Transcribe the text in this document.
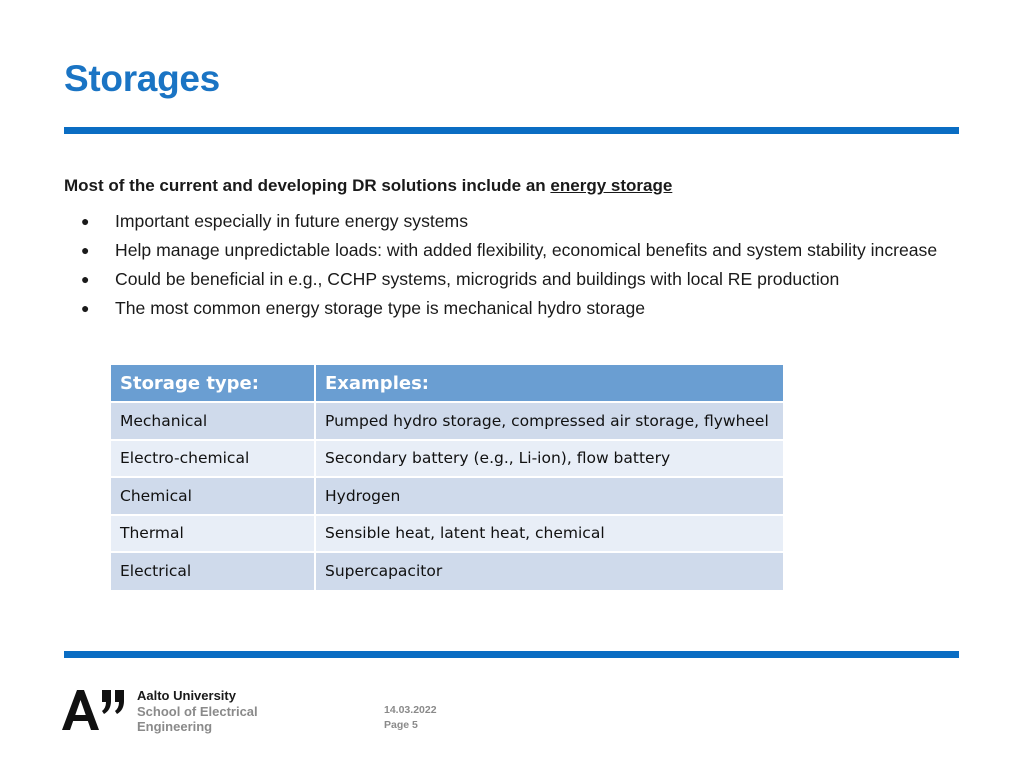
Storages

Most of the current and developing DR solutions include an energy storage

● Important especially in future energy systems
● Help manage unpredictable loads: with added flexibility, economical benefits and system stability increase
● Could be beneficial in e.g., CCHP systems, microgrids and buildings with local RE production
● The most common energy storage type is mechanical hydro storage
Storage type:	Examples:
Mechanical	Pumped hydro storage, compressed air storage, flywheel
Electro-chemical	Secondary battery (e.g., Li-ion), flow battery
Chemical	Hydrogen
Thermal	Sensible heat, latent heat, chemical
Electrical	Supercapacitor
Aalto University
School of Electrical
Engineering
14.03.2022
Page 5
